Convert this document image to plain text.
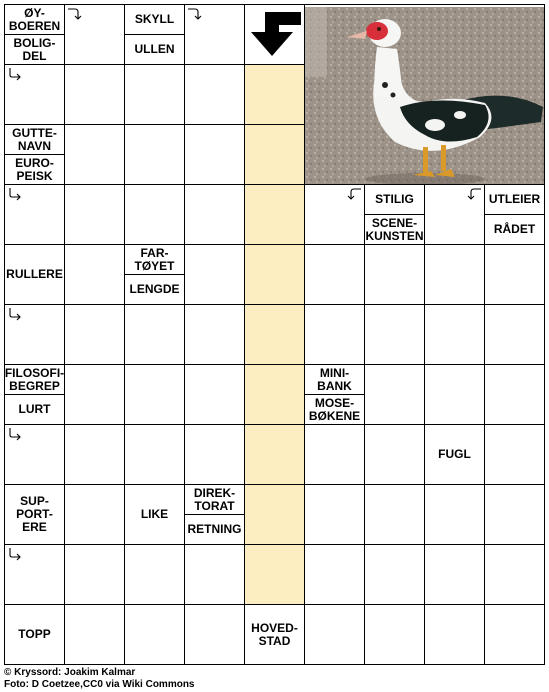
ØY-
BOEREN
BOLIG-
DEL
SKYLL
ULLEN
GUTTE-
NAVN
EURO-
PEISK
STILIG
SCENE-
KUNSTEN
UTLEIER
RÅDET
RULLERE
FAR-
TØYET
LENGDE
FILOSOFI-
BEGREP
LURT
MINI-
BANK
MOSE-
BØKENE
FUGL
SUP-
PORT-
ERE
LIKE
DIREK-
TORAT
RETNING
TOPP	HOVED-
STAD
© Kryssord: Joakim Kalmar
Foto: D Coetzee,CC0 via Wiki Commons
